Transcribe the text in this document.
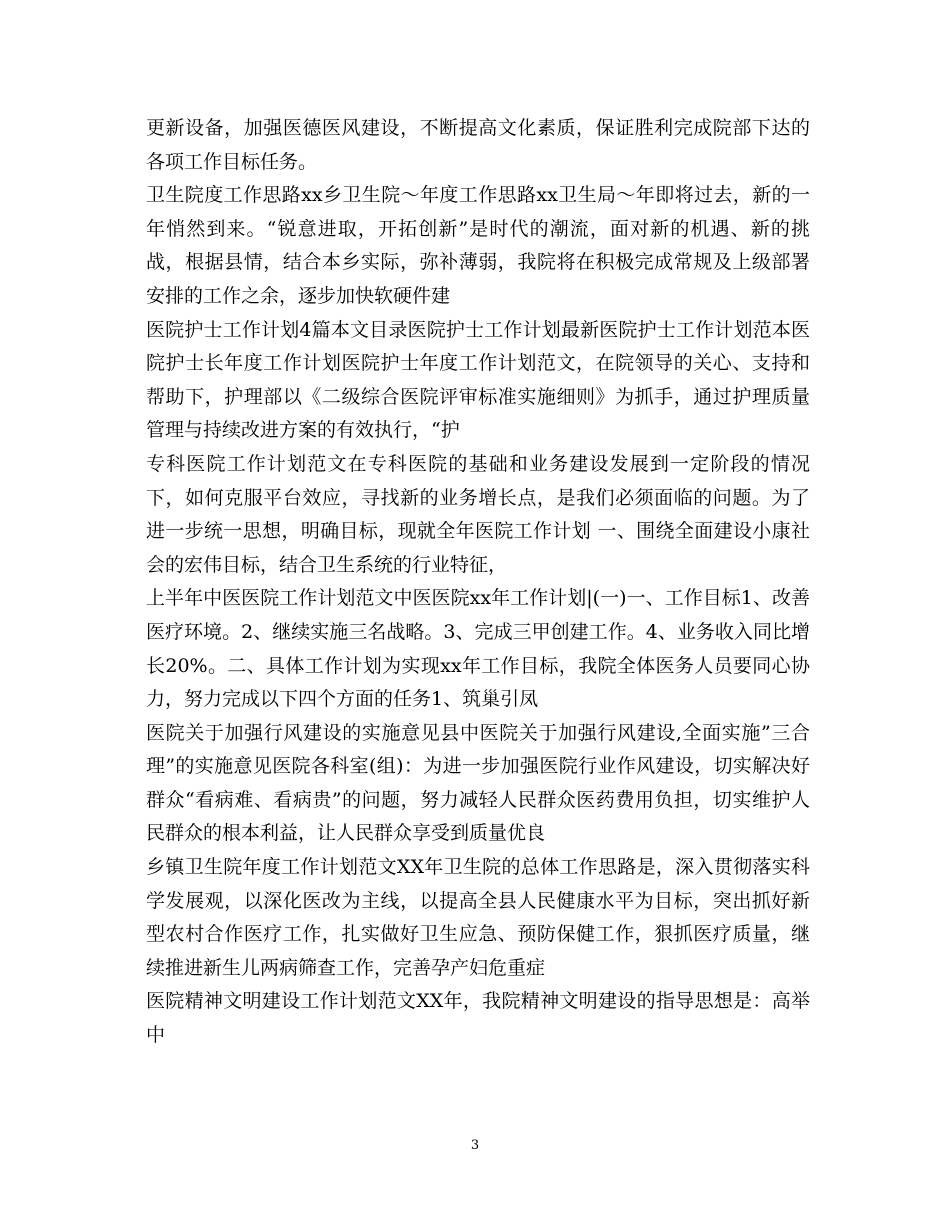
更新设备，加强医德医风建设，不断提高文化素质，保证胜利完成院部下达的各项工作目标任务。

卫生院度工作思路xx乡卫生院～年度工作思路xx卫生局～年即将过去，新的一年悄然到来。“锐意进取，开拓创新”是时代的潮流，面对新的机遇、新的挑战，根据县情，结合本乡实际，弥补薄弱，我院将在积极完成常规及上级部署安排的工作之余，逐步加快软硬件建

医院护士工作计划4篇本文目录医院护士工作计划最新医院护士工作计划范本医院护士长年度工作计划医院护士年度工作计划范文，在院领导的关心、支持和帮助下，护理部以《二级综合医院评审标准实施细则》为抓手，通过护理质量管理与持续改进方案的有效执行，“护

专科医院工作计划范文在专科医院的基础和业务建设发展到一定阶段的情况下，如何克服平台效应，寻找新的业务增长点，是我们必须面临的问题。为了进一步统一思想，明确目标，现就全年医院工作计划 一、围绕全面建设小康社会的宏伟目标，结合卫生系统的行业特征，

上半年中医医院工作计划范文中医医院xx年工作计划|(一)一、工作目标1、改善医疗环境。2、继续实施三名战略。3、完成三甲创建工作。4、业务收入同比增长20%。二、具体工作计划为实现xx年工作目标，我院全体医务人员要同心协力，努力完成以下四个方面的任务1、筑巢引凤

医院关于加强行风建设的实施意见县中医院关于加强行风建设,全面实施”三合理”的实施意见医院各科室(组)：为进一步加强医院行业作风建设，切实解决好群众“看病难、看病贵”的问题，努力减轻人民群众医药费用负担，切实维护人民群众的根本利益，让人民群众享受到质量优良

乡镇卫生院年度工作计划范文XX年卫生院的总体工作思路是，深入贯彻落实科学发展观，以深化医改为主线，以提高全县人民健康水平为目标，突出抓好新型农村合作医疗工作，扎实做好卫生应急、预防保健工作，狠抓医疗质量，继续推进新生儿两病筛查工作，完善孕产妇危重症

医院精神文明建设工作计划范文XX年，我院精神文明建设的指导思想是：高举中

3
